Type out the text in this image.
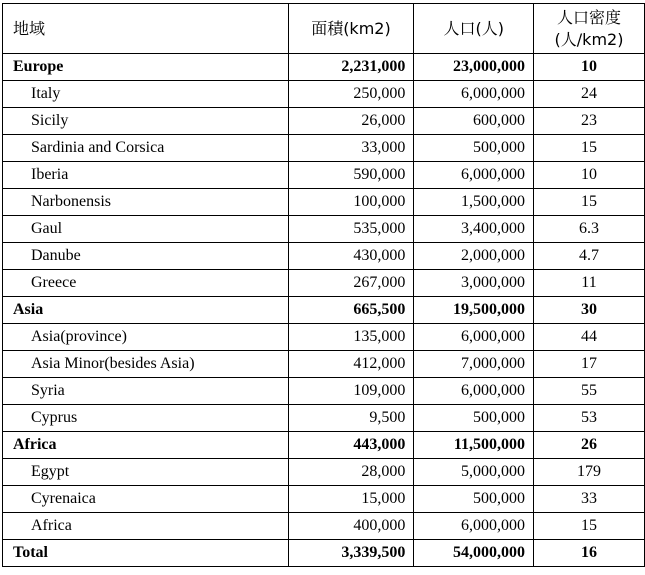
地域	面積(km2)	人口(人)	人口密度
(人/km2)

Europe	2,231,000	23,000,000	10
Italy	250,000	6,000,000	24
Sicily	26,000	600,000	23
Sardinia and Corsica	33,000	500,000	15
Iberia	590,000	6,000,000	10
Narbonensis	100,000	1,500,000	15
Gaul	535,000	3,400,000	6.3
Danube	430,000	2,000,000	4.7
Greece	267,000	3,000,000	11
Asia	665,500	19,500,000	30
Asia(province)	135,000	6,000,000	44
Asia Minor(besides Asia)	412,000	7,000,000	17
Syria	109,000	6,000,000	55
Cyprus	9,500	500,000	53
Africa	443,000	11,500,000	26
Egypt	28,000	5,000,000	179
Cyrenaica	15,000	500,000	33
Africa	400,000	6,000,000	15
Total	3,339,500	54,000,000	16
